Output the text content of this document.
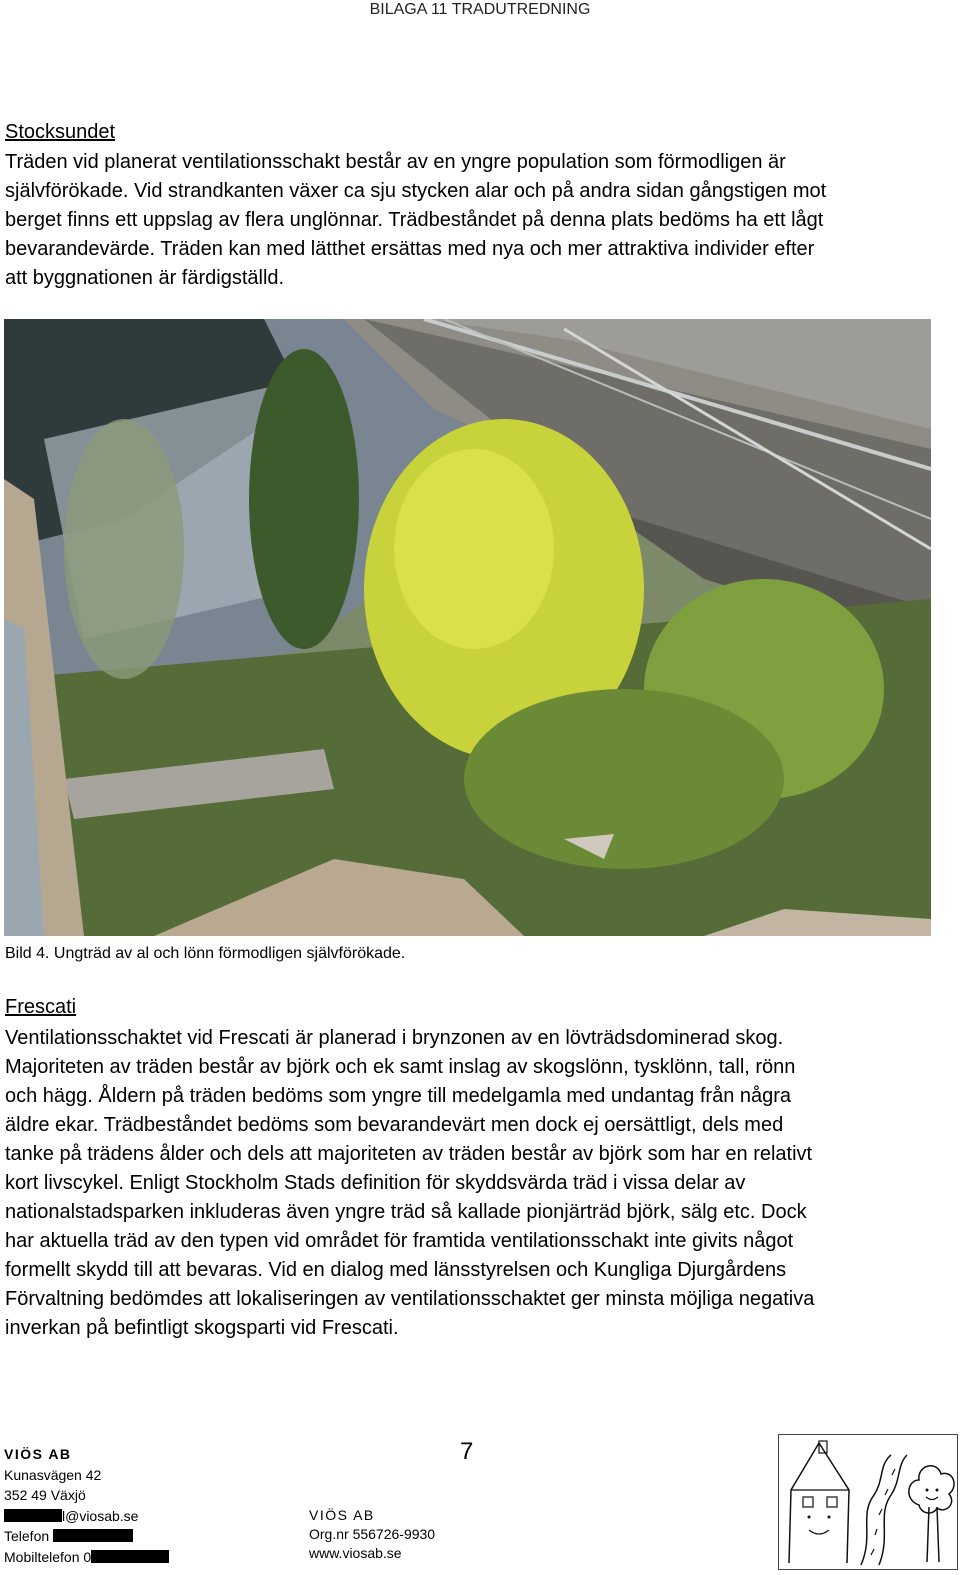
BILAGA 11 TRADUTREDNING
Stocksundet
Träden vid planerat ventilationsschakt består av en yngre population som förmodligen är
självförökade. Vid strandkanten växer ca sju stycken alar och på andra sidan gångstigen mot
berget finns ett uppslag av flera unglönnar. Trädbeståndet på denna plats bedöms ha ett lågt
bevarandevärde. Träden kan med lätthet ersättas med nya och mer attraktiva individer efter
att byggnationen är färdigställd.
Bild 4. Ungträd av al och lönn förmodligen självförökade.
Frescati
Ventilationsschaktet vid Frescati är planerad i brynzonen av en lövträdsdominerad skog.
Majoriteten av träden består av björk och ek samt inslag av skogslönn, tysklönn, tall, rönn
och hägg. Åldern på träden bedöms som yngre till medelgamla med undantag från några
äldre ekar. Trädbeståndet bedöms som bevarandevärt men dock ej oersättligt, dels med
tanke på trädens ålder och dels att majoriteten av träden består av björk som har en relativt
kort livscykel. Enligt Stockholm Stads definition för skyddsvärda träd i vissa delar av
nationalstadsparken inkluderas även yngre träd så kallade pionjärträd björk, sälg etc. Dock
har aktuella träd av den typen vid området för framtida ventilationsschakt inte givits något
formellt skydd till att bevaras. Vid en dialog med länsstyrelsen och Kungliga Djurgårdens
Förvaltning bedömdes att lokaliseringen av ventilationsschaktet ger minsta möjliga negativa
inverkan på befintligt skogsparti vid Frescati.
VIÖS AB
Kunasvägen 42
352 49 Växjö
l@viosab.se
Telefon
Mobiltelefon 0
7
VIÖS AB
Org.nr 556726-9930
www.viosab.se
